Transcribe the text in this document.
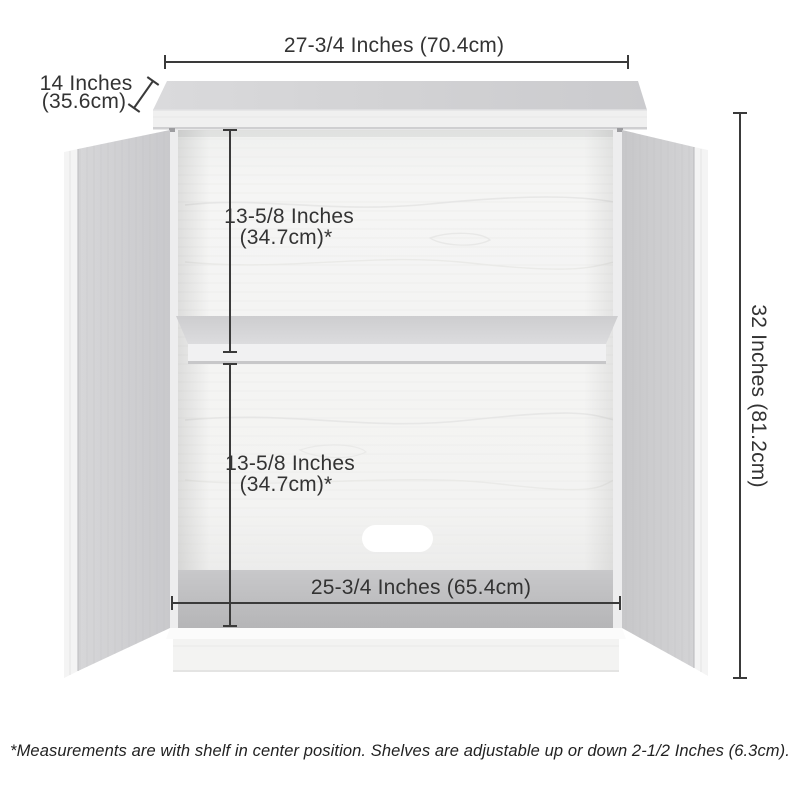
27-3/4 Inches (70.4cm)
14 Inches
(35.6cm)
32 Inches (81.2cm)
13-5/8 Inches
(34.7cm)*
13-5/8 Inches
(34.7cm)*
25-3/4 Inches (65.4cm)
*Measurements are with shelf in center position. Shelves are adjustable up or down 2-1/2 Inches (6.3cm).
